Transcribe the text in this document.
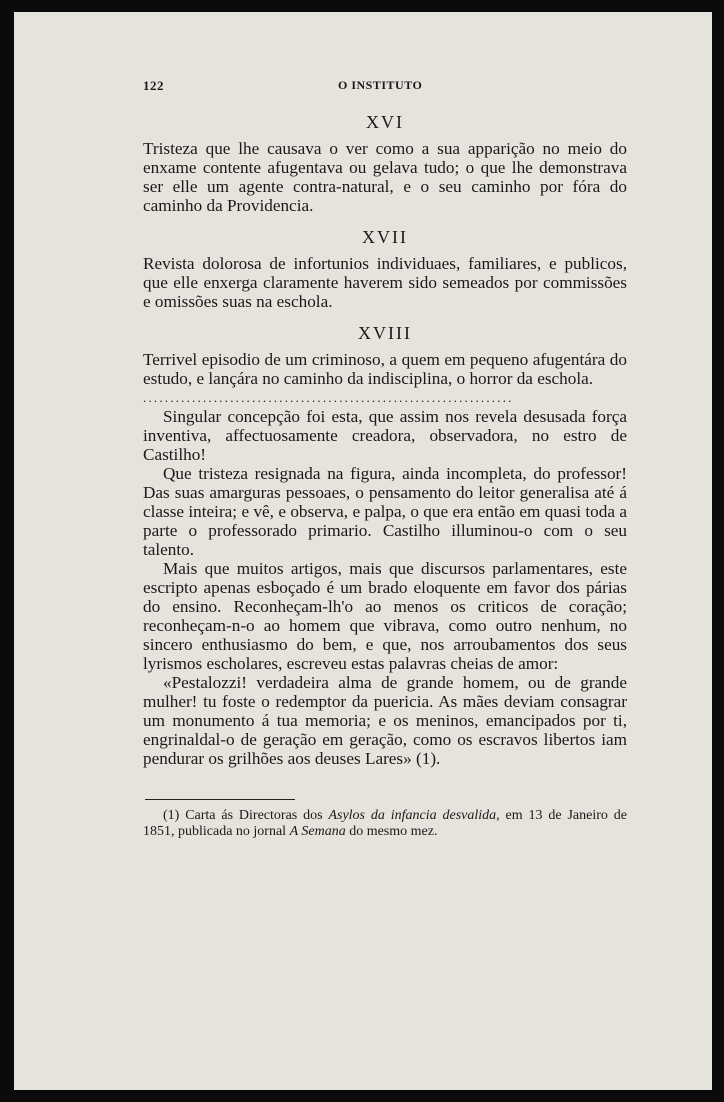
122	O INSTITUTO
XVI

Tristeza que lhe causava o ver como a sua apparição no meio do enxame contente afugentava ou gelava tudo; o que lhe demonstrava ser elle um agente contra-natural, e o seu caminho por fóra do caminho da Providencia.

XVII

Revista dolorosa de infortunios individuaes, familiares, e publicos, que elle enxerga claramente haverem sido semeados por commissões e omissões suas na eschola.

XVIII

Terrivel episodio de um criminoso, a quem em pequeno afugentára do estudo, e lançára no caminho da indisciplina, o horror da eschola.

....................................................................

Singular concepção foi esta, que assim nos revela desusada força inventiva, affectuosamente creadora, observadora, no estro de Castilho!

Que tristeza resignada na figura, ainda incompleta, do professor! Das suas amarguras pessoaes, o pensamento do leitor generalisa até á classe inteira; e vê, e observa, e palpa, o que era então em quasi toda a parte o professorado primario. Castilho illuminou-o com o seu talento.

Mais que muitos artigos, mais que discursos parlamentares, este escripto apenas esboçado é um brado eloquente em favor dos párias do ensino. Reconheçam-lh'o ao menos os criticos de coração; reconheçam-n-o ao homem que vibrava, como outro nenhum, no sincero enthusiasmo do bem, e que, nos arroubamentos dos seus lyrismos escholares, escreveu estas palavras cheias de amor:

«Pestalozzi! verdadeira alma de grande homem, ou de grande mulher! tu foste o redemptor da puericia. As mães deviam consagrar um monumento á tua memoria; e os meninos, emancipados por ti, engrinaldal-o de geração em geração, como os escravos libertos iam pendurar os grilhões aos deuses Lares» (1).

(1) Carta ás Directoras dos Asylos da infancia desvalida, em 13 de Janeiro de 1851, publicada no jornal A Semana do mesmo mez.
